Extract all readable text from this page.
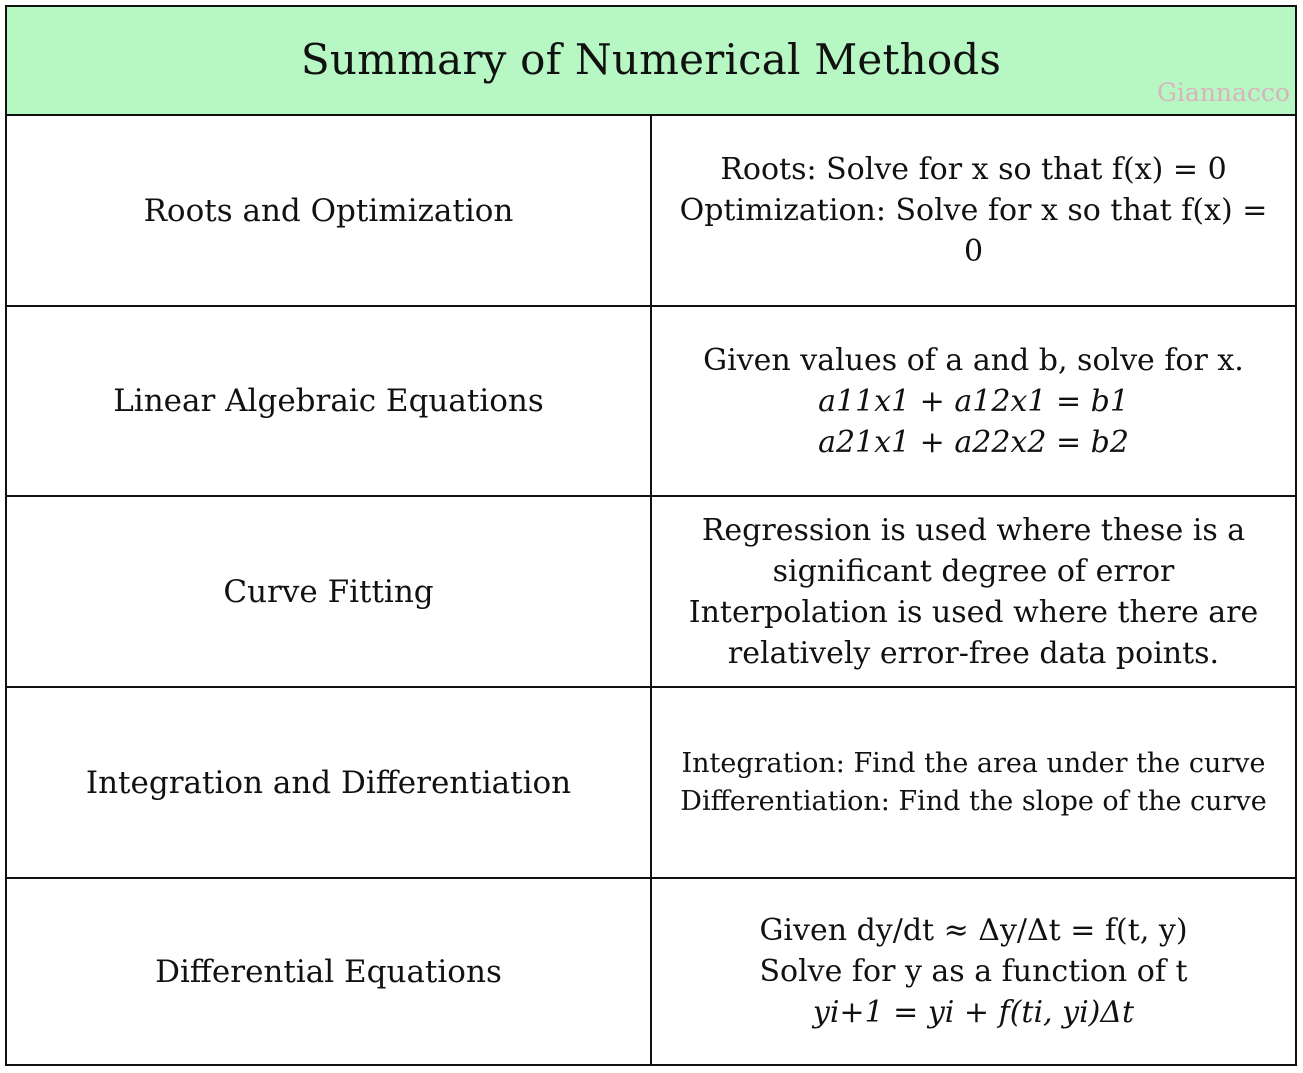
Summary of Numerical Methods
Giannacco
Roots and Optimization
Roots: Solve for x so that f(x) = 0
Optimization: Solve for x so that f(x) = 0
Linear Algebraic Equations
Given values of a and b, solve for x.
a11x1 + a12x1 = b1
a21x1 + a22x2 = b2
Curve Fitting
Regression is used where these is a significant degree of error
Interpolation is used where there are relatively error-free data points.
Integration and Differentiation
Integration: Find the area under the curve
Differentiation: Find the slope of the curve
Differential Equations
Given dy/dt ≈ Δy/Δt = f(t, y)
Solve for y as a function of t
yi+1 = yi + f(ti, yi)Δt
